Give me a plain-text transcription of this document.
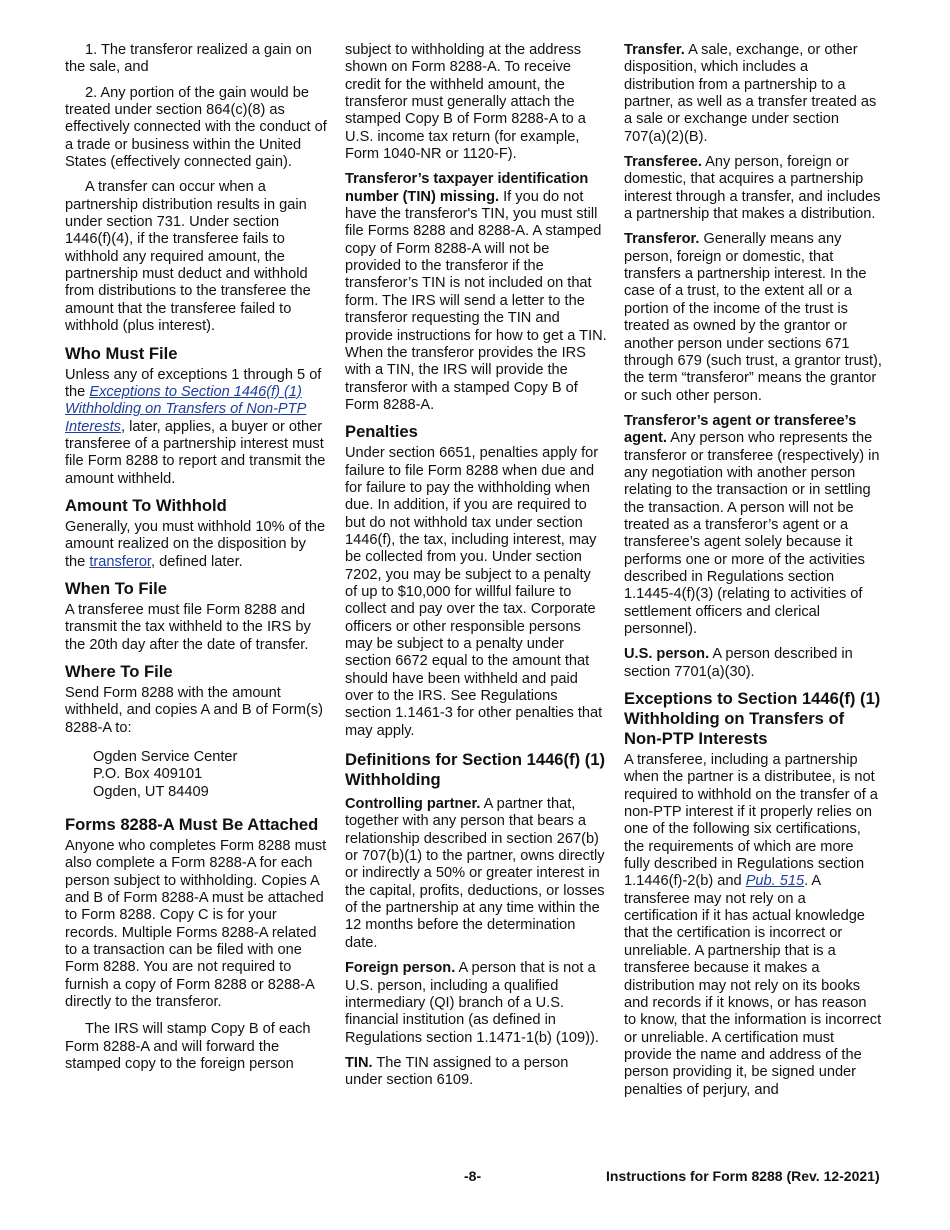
1. The transferor realized a gain on the sale, and

2. Any portion of the gain would be treated under section 864(c)(8) as effectively connected with the conduct of a trade or business within the United States (effectively connected gain).

A transfer can occur when a partnership distribution results in gain under section 731. Under section 1446(f)(4), if the transferee fails to withhold any required amount, the partnership must deduct and withhold from distributions to the transferee the amount that the transferee failed to withhold (plus interest).

Who Must File

Unless any of exceptions 1 through 5 of the Exceptions to Section 1446(f) (1) Withholding on Transfers of Non-PTP Interests, later, applies, a buyer or other transferee of a partnership interest must file Form 8288 to report and transmit the amount withheld.

Amount To Withhold

Generally, you must withhold 10% of the amount realized on the disposition by the transferor, defined later.

When To File

A transferee must file Form 8288 and transmit the tax withheld to the IRS by the 20th day after the date of transfer.

Where To File

Send Form 8288 with the amount withheld, and copies A and B of Form(s) 8288-A to:

Ogden Service Center
P.O. Box 409101
Ogden, UT 84409
Forms 8288-A Must Be Attached

Anyone who completes Form 8288 must also complete a Form 8288-A for each person subject to withholding. Copies A and B of Form 8288-A must be attached to Form 8288. Copy C is for your records. Multiple Forms 8288-A related to a transaction can be filed with one Form 8288. You are not required to furnish a copy of Form 8288 or 8288-A directly to the transferor.

The IRS will stamp Copy B of each Form 8288-A and will forward the stamped copy to the foreign person

subject to withholding at the address shown on Form 8288-A. To receive credit for the withheld amount, the transferor must generally attach the stamped Copy B of Form 8288-A to a U.S. income tax return (for example, Form 1040-NR or 1120-F).

Transferor’s taxpayer identification number (TIN) missing. If you do not have the transferor's TIN, you must still file Forms 8288 and 8288-A. A stamped copy of Form 8288-A will not be provided to the transferor if the transferor’s TIN is not included on that form. The IRS will send a letter to the transferor requesting the TIN and provide instructions for how to get a TIN. When the transferor provides the IRS with a TIN, the IRS will provide the transferor with a stamped Copy B of Form 8288-A.

Penalties

Under section 6651, penalties apply for failure to file Form 8288 when due and for failure to pay the withholding when due. In addition, if you are required to but do not withhold tax under section 1446(f), the tax, including interest, may be collected from you. Under section 7202, you may be subject to a penalty of up to $10,000 for willful failure to collect and pay over the tax. Corporate officers or other responsible persons may be subject to a penalty under section 6672 equal to the amount that should have been withheld and paid over to the IRS. See Regulations section 1.1461-3 for other penalties that may apply.

Definitions for Section 1446(f) (1) Withholding

Controlling partner. A partner that, together with any person that bears a relationship described in section 267(b) or 707(b)(1) to the partner, owns directly or indirectly a 50% or greater interest in the capital, profits, deductions, or losses of the partnership at any time within the 12 months before the determination date.

Foreign person. A person that is not a U.S. person, including a qualified intermediary (QI) branch of a U.S. financial institution (as defined in Regulations section 1.1471-1(b) (109)).

TIN. The TIN assigned to a person under section 6109.

Transfer. A sale, exchange, or other disposition, which includes a distribution from a partnership to a partner, as well as a transfer treated as a sale or exchange under section 707(a)(2)(B).

Transferee. Any person, foreign or domestic, that acquires a partnership interest through a transfer, and includes a partnership that makes a distribution.

Transferor. Generally means any person, foreign or domestic, that transfers a partnership interest. In the case of a trust, to the extent all or a portion of the income of the trust is treated as owned by the grantor or another person under sections 671 through 679 (such trust, a grantor trust), the term “transferor” means the grantor or such other person.

Transferor’s agent or transferee’s agent. Any person who represents the transferor or transferee (respectively) in any negotiation with another person relating to the transaction or in settling the transaction. A person will not be treated as a transferor’s agent or a transferee’s agent solely because it performs one or more of the activities described in Regulations section 1.1445-4(f)(3) (relating to activities of settlement officers and clerical personnel).

U.S. person. A person described in section 7701(a)(30).

Exceptions to Section 1446(f) (1) Withholding on Transfers of Non-PTP Interests

A transferee, including a partnership when the partner is a distributee, is not required to withhold on the transfer of a non-PTP interest if it properly relies on one of the following six certifications, the requirements of which are more fully described in Regulations section 1.1446(f)-2(b) and Pub. 515. A transferee may not rely on a certification if it has actual knowledge that the certification is incorrect or unreliable. A partnership that is a transferee because it makes a distribution may not rely on its books and records if it knows, or has reason to know, that the information is incorrect or unreliable. A certification must provide the name and address of the person providing it, be signed under penalties of perjury, and

-8-	Instructions for Form 8288 (Rev. 12-2021)
